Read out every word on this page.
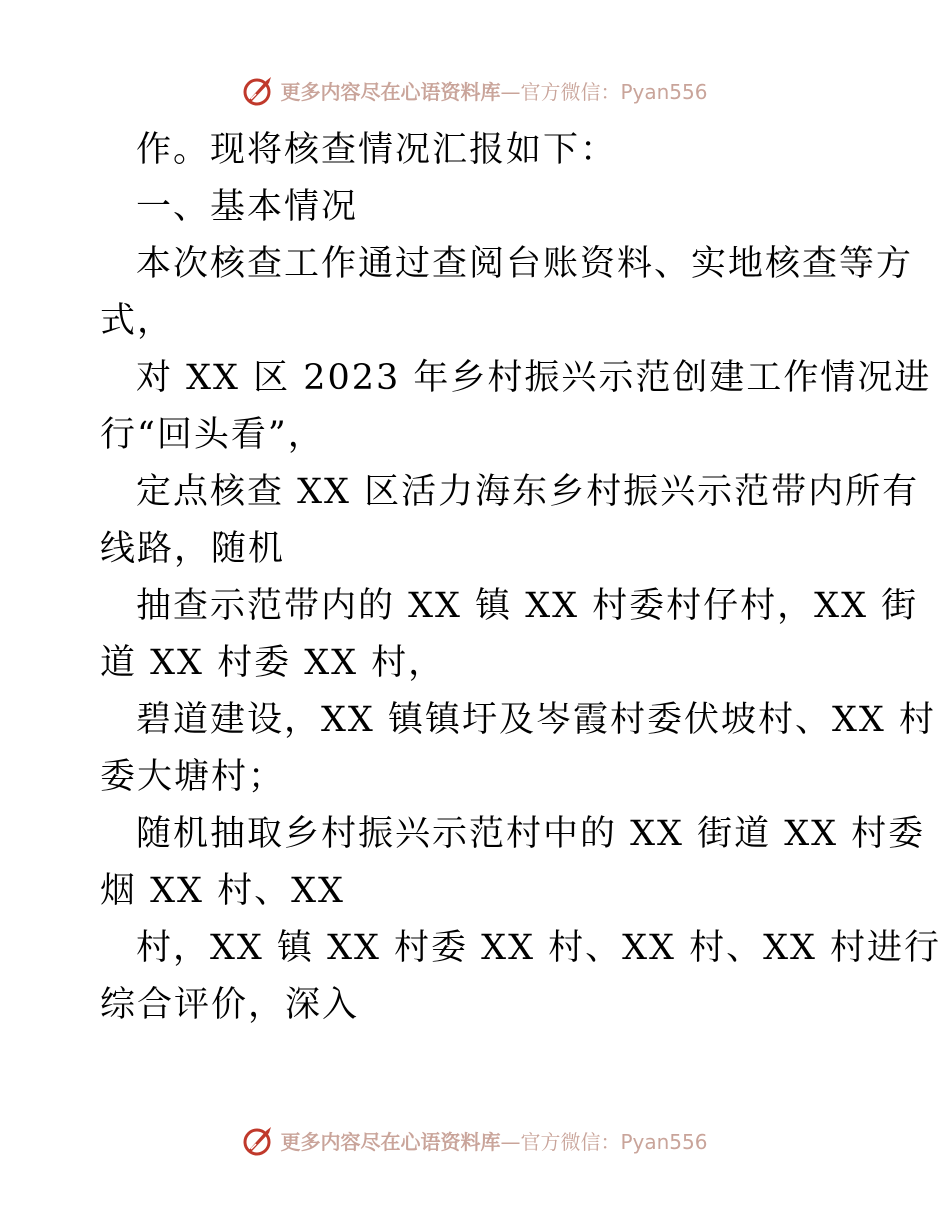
更多内容尽在心语资料库 —官方微信：Pyan556
作。现将核查情况汇报如下：
一、基本情况
本次核查工作通过查阅台账资料、实地核查等方
式，
对 XX 区 2023 年乡村振兴示范创建工作情况进
行“回头看”，
定点核查 XX 区活力海东乡村振兴示范带内所有
线路，随机
抽查示范带内的 XX 镇 XX 村委村仔村，XX 街
道 XX 村委 XX 村，
碧道建设，XX 镇镇圩及岑霞村委伏坡村、XX 村
委大塘村；
随机抽取乡村振兴示范村中的 XX 街道 XX 村委
烟 XX 村、XX
村，XX 镇 XX 村委 XX 村、XX 村、XX 村进行
综合评价，深入
更多内容尽在心语资料库 —官方微信：Pyan556
